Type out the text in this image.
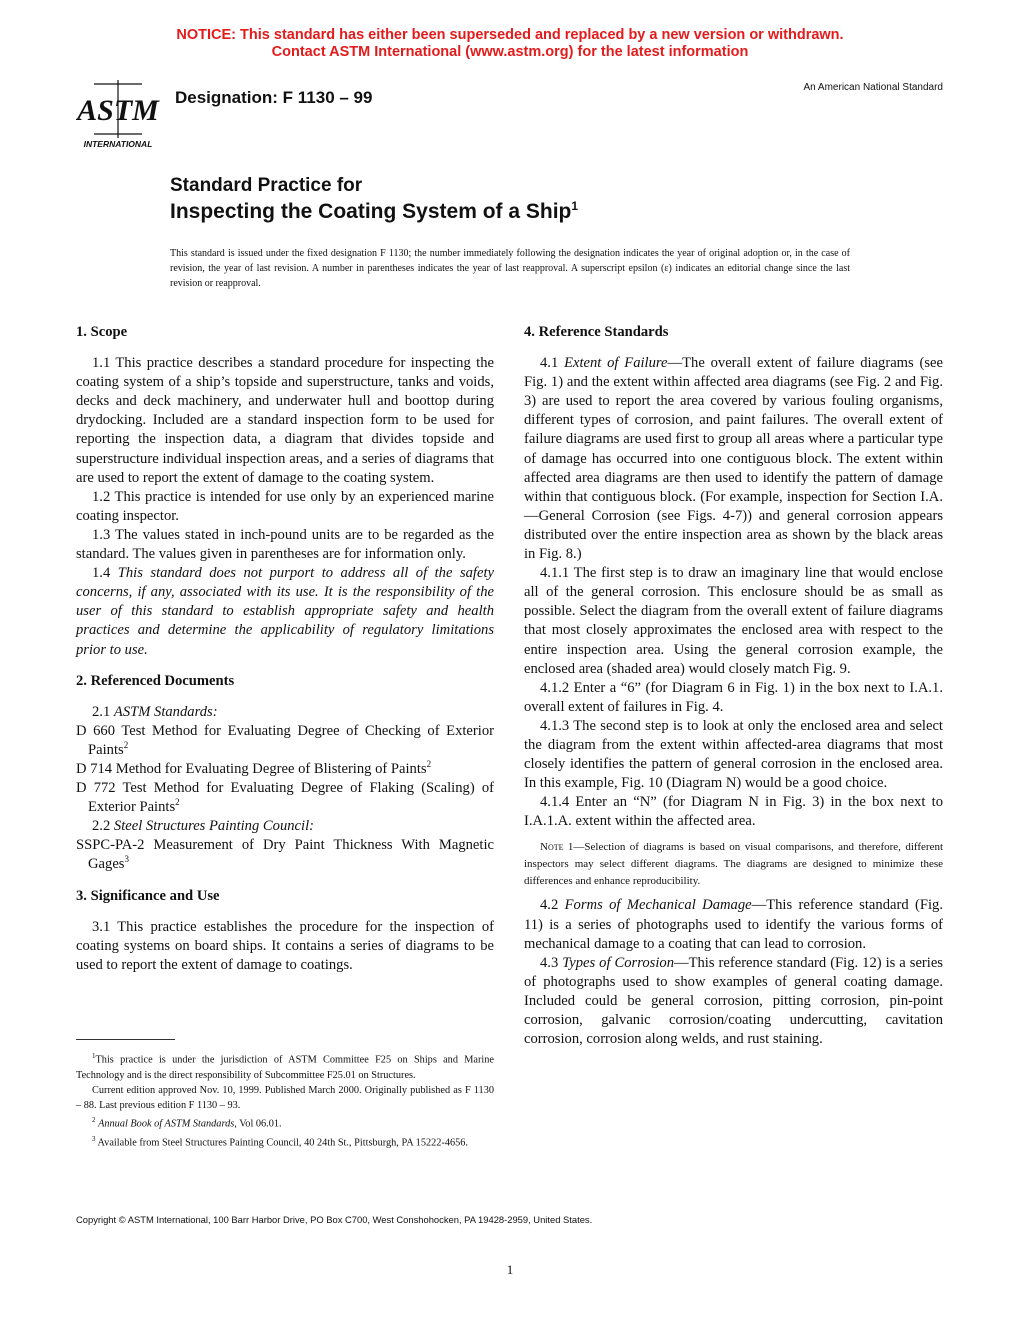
NOTICE: This standard has either been superseded and replaced by a new version or withdrawn.
Contact ASTM International (www.astm.org) for the latest information
ASTM
INTERNATIONAL
Designation: F 1130 – 99
An American National Standard
Standard Practice for
Inspecting the Coating System of a Ship$^1$
This standard is issued under the fixed designation F 1130; the number immediately following the designation indicates the year of original adoption or, in the case of revision, the year of last revision. A number in parentheses indicates the year of last reapproval. A superscript epsilon (ε) indicates an editorial change since the last revision or reapproval.
1. Scope

1.1 This practice describes a standard procedure for inspecting the coating system of a ship’s topside and superstructure, tanks and voids, decks and deck machinery, and underwater hull and boottop during drydocking. Included are a standard inspection form to be used for reporting the inspection data, a diagram that divides topside and superstructure individual inspection areas, and a series of diagrams that are used to report the extent of damage to the coating system.

1.2 This practice is intended for use only by an experienced marine coating inspector.

1.3 The values stated in inch-pound units are to be regarded as the standard. The values given in parentheses are for information only.

1.4 This standard does not purport to address all of the safety concerns, if any, associated with its use. It is the responsibility of the user of this standard to establish appropriate safety and health practices and determine the applicability of regulatory limitations prior to use.

2. Referenced Documents

2.1 ASTM Standards:

D 660 Test Method for Evaluating Degree of Checking of Exterior Paints$^2$

D 714 Method for Evaluating Degree of Blistering of Paints$^2$

D 772 Test Method for Evaluating Degree of Flaking (Scaling) of Exterior Paints$^2$

2.2 Steel Structures Painting Council:

SSPC-PA-2 Measurement of Dry Paint Thickness With Magnetic Gages$^3$

3. Significance and Use

3.1 This practice establishes the procedure for the inspection of coating systems on board ships. It contains a series of diagrams to be used to report the extent of damage to coatings.

4. Reference Standards

4.1 Extent of Failure—The overall extent of failure diagrams (see Fig. 1) and the extent within affected area diagrams (see Fig. 2 and Fig. 3) are used to report the area covered by various fouling organisms, different types of corrosion, and paint failures. The overall extent of failure diagrams are used first to group all areas where a particular type of damage has occurred into one contiguous block. The extent within affected area diagrams are then used to identify the pattern of damage within that contiguous block. (For example, inspection for Section I.A.—General Corrosion (see Figs. 4-7)) and general corrosion appears distributed over the entire inspection area as shown by the black areas in Fig. 8.)

4.1.1 The first step is to draw an imaginary line that would enclose all of the general corrosion. This enclosure should be as small as possible. Select the diagram from the overall extent of failure diagrams that most closely approximates the enclosed area with respect to the entire inspection area. Using the general corrosion example, the enclosed area (shaded area) would closely match Fig. 9.

4.1.2 Enter a “6” (for Diagram 6 in Fig. 1) in the box next to I.A.1. overall extent of failures in Fig. 4.

4.1.3 The second step is to look at only the enclosed area and select the diagram from the extent within affected-area diagrams that most closely identifies the pattern of general corrosion in the enclosed area. In this example, Fig. 10 (Diagram N) would be a good choice.

4.1.4 Enter an “N” (for Diagram N in Fig. 3) in the box next to I.A.1.A. extent within the affected area.

Note 1—Selection of diagrams is based on visual comparisons, and therefore, different inspectors may select different diagrams. The diagrams are designed to minimize these differences and enhance reproducibility.

4.2 Forms of Mechanical Damage—This reference standard (Fig. 11) is a series of photographs used to identify the various forms of mechanical damage to a coating that can lead to corrosion.

4.3 Types of Corrosion—This reference standard (Fig. 12) is a series of photographs used to show examples of general coating damage. Included could be general corrosion, pitting corrosion, pin-point corrosion, galvanic corrosion/coating undercutting, cavitation corrosion, corrosion along welds, and rust staining.

$^1$This practice is under the jurisdiction of ASTM Committee F25 on Ships and Marine Technology and is the direct responsibility of Subcommittee F25.01 on Structures.

Current edition approved Nov. 10, 1999. Published March 2000. Originally published as F 1130 – 88. Last previous edition F 1130 – 93.

$^2$ Annual Book of ASTM Standards, Vol 06.01.

$^3$ Available from Steel Structures Painting Council, 40 24th St., Pittsburgh, PA 15222-4656.

Copyright © ASTM International, 100 Barr Harbor Drive, PO Box C700, West Conshohocken, PA 19428-2959, United States.
1
